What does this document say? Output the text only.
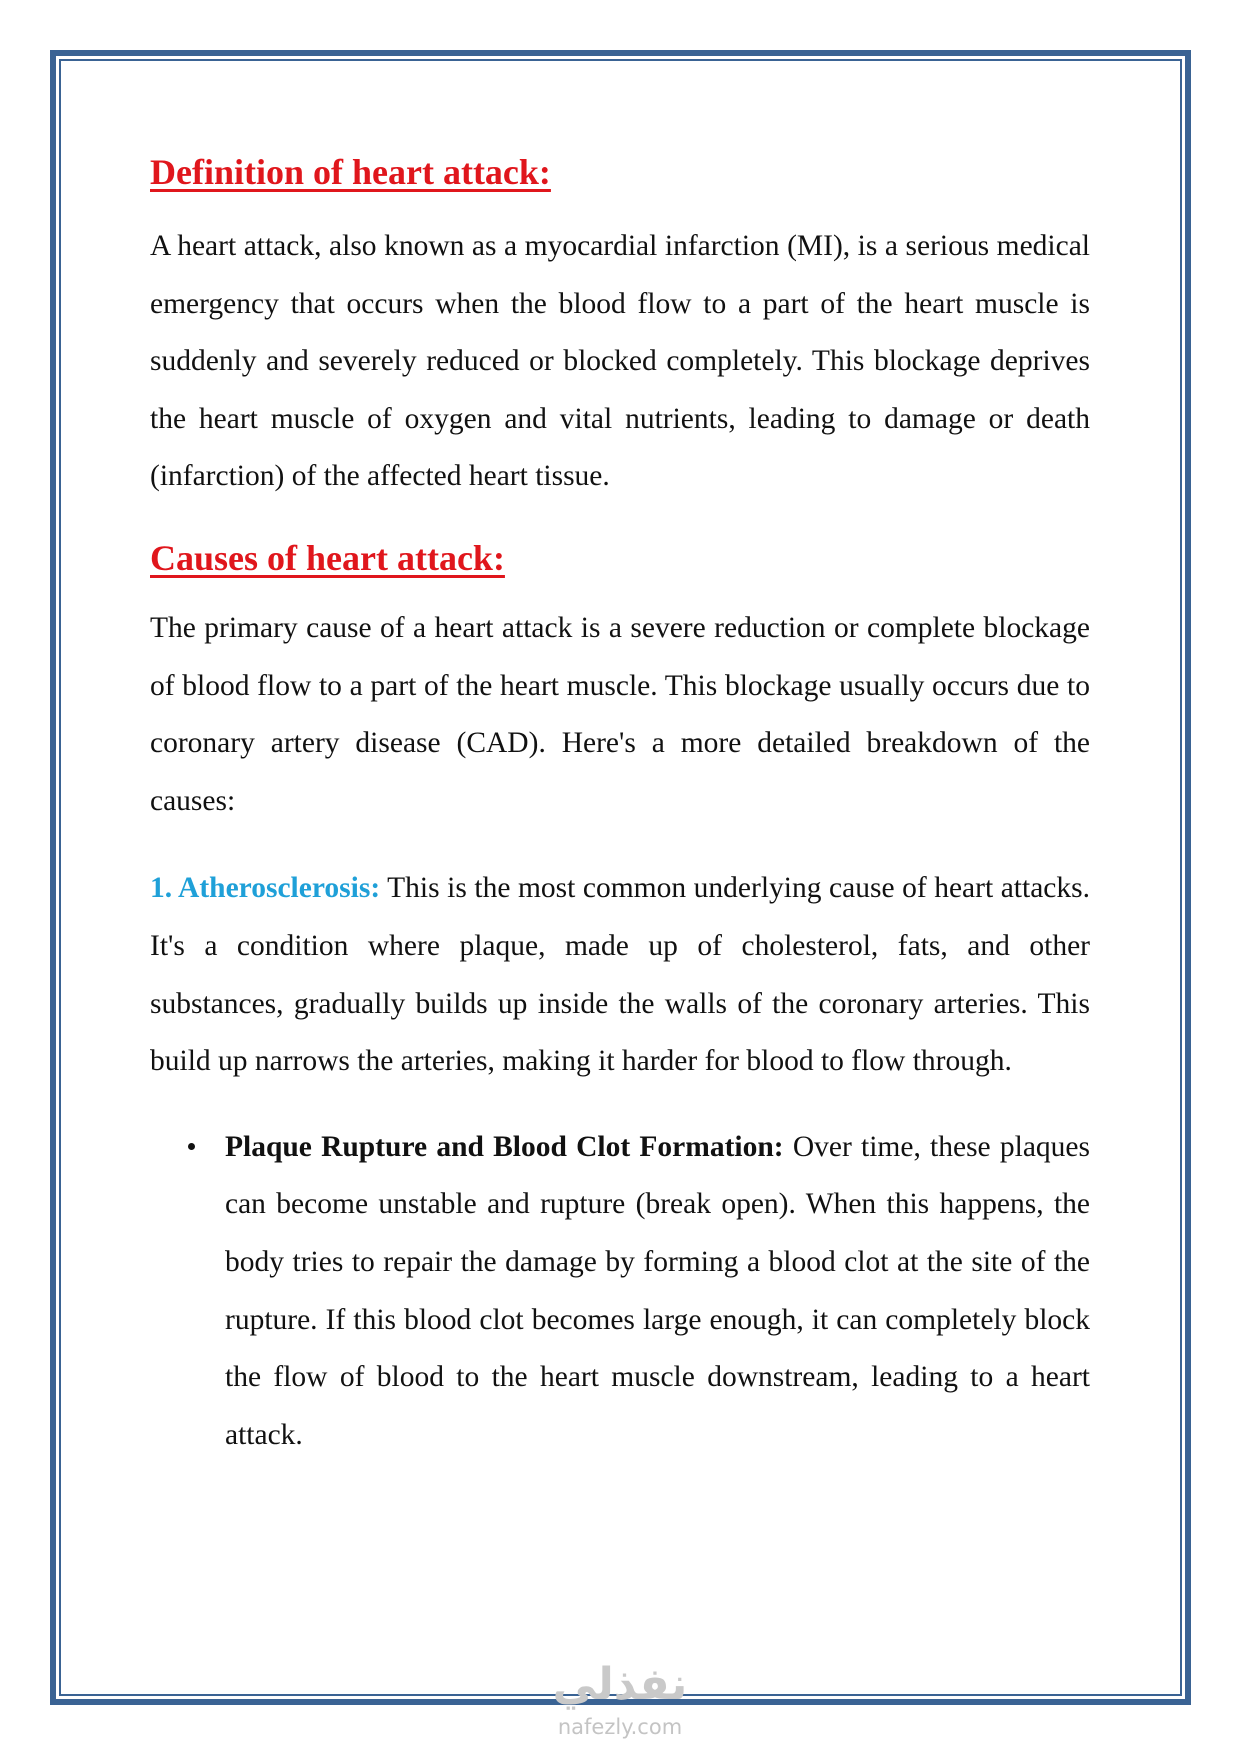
Definition of heart attack:

A heart attack, also known as a myocardial infarction (MI), is a serious medical emergency that occurs when the blood flow to a part of the heart muscle is suddenly and severely reduced or blocked completely. This blockage deprives the heart muscle of oxygen and vital nutrients, leading to damage or death (infarction) of the affected heart tissue.

Causes of heart attack:

The primary cause of a heart attack is a severe reduction or complete blockage of blood flow to a part of the heart muscle. This blockage usually occurs due to coronary artery disease (CAD). Here's a more detailed breakdown of the causes:

1. Atherosclerosis: This is the most common underlying cause of heart attacks. It's a condition where plaque, made up of cholesterol, fats, and other substances, gradually builds up inside the walls of the coronary arteries. This build up narrows the arteries, making it harder for blood to flow through.

Plaque Rupture and Blood Clot Formation: Over time, these plaques can become unstable and rupture (break open). When this happens, the body tries to repair the damage by forming a blood clot at the site of the rupture. If this blood clot becomes large enough, it can completely block the flow of blood to the heart muscle downstream, leading to a heart attack.

نفذلي
nafezly.com
